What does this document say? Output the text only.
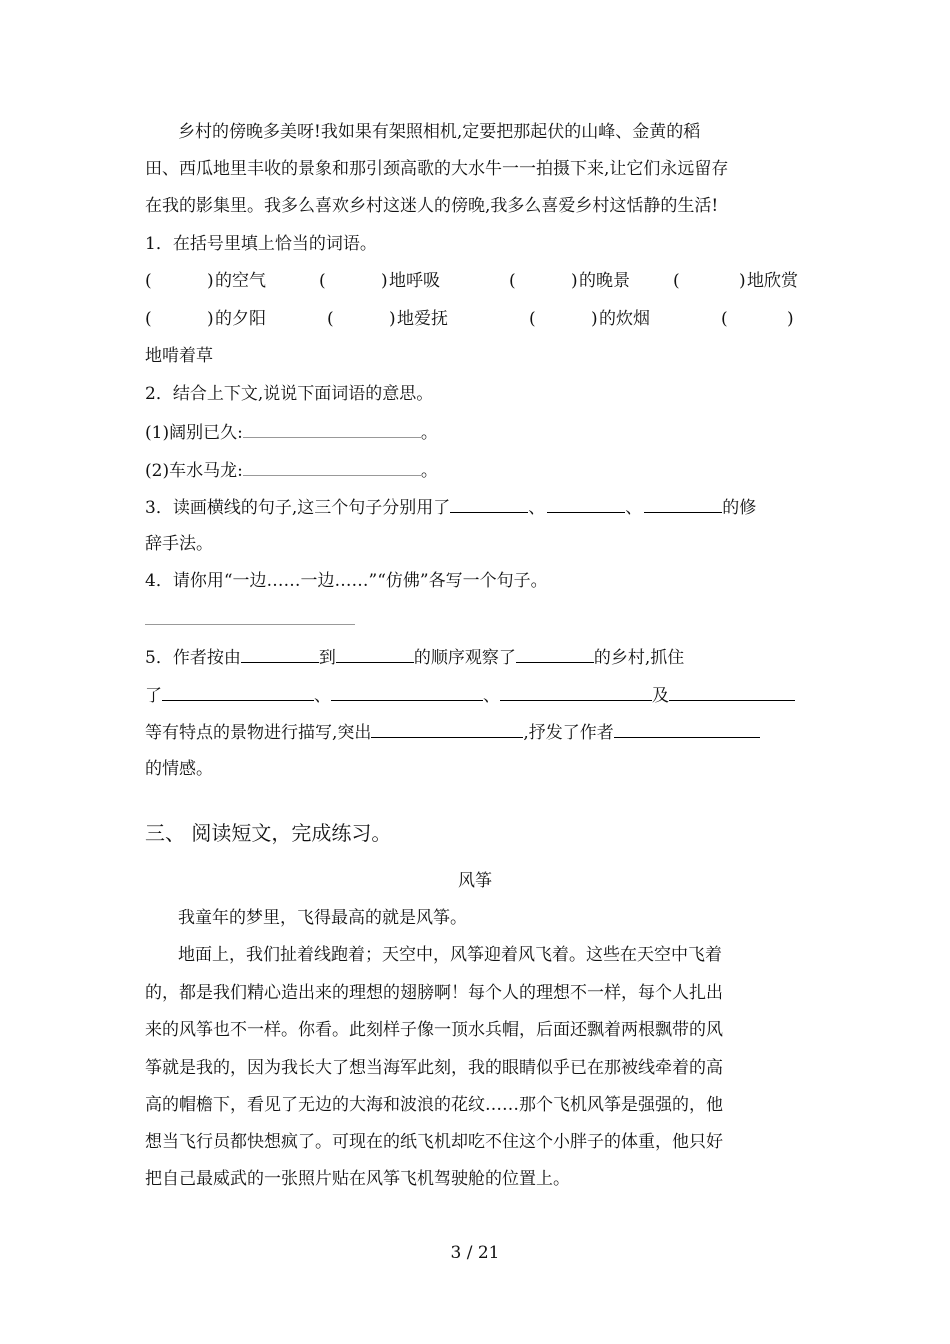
乡村的傍晚多美呀!我如果有架照相机,定要把那起伏的山峰、金黄的稻
田、西瓜地里丰收的景象和那引颈高歌的大水牛一一拍摄下来,让它们永远留存
在我的影集里。我多么喜欢乡村这迷人的傍晚,我多么喜爱乡村这恬静的生活!
1．在括号里填上恰当的词语。
(	) 的空气	(	) 地呼吸	(	) 的晚景	(	) 地欣赏
(	) 的夕阳	(	) 地爱抚	(	) 的炊烟	(	)
地啃着草
2．结合上下文,说说下面词语的意思。
(1)阔别已久:	。
(2)车水马龙:	。
3．读画横线的句子,这三个句子分别用了	、	、	的修
辞手法。
4．请你用“一边……一边……”“仿佛”各写一个句子。
5．作者按由	到	的顺序观察了	的乡村,抓住
了	、	、	及
等有特点的景物进行描写,突出	,抒发了作者
的情感。
三、 阅读短文，完成练习。
风筝
我童年的梦里，飞得最高的就是风筝。
地面上，我们扯着线跑着；天空中，风筝迎着风飞着。这些在天空中飞着
的，都是我们精心造出来的理想的翅膀啊！每个人的理想不一样，每个人扎出
来的风筝也不一样。你看。此刻样子像一顶水兵帽，后面还飘着两根飘带的风
筝就是我的，因为我长大了想当海军此刻，我的眼睛似乎已在那被线牵着的高
高的帽檐下，看见了无边的大海和波浪的花纹……那个飞机风筝是强强的，他
想当飞行员都快想疯了。可现在的纸飞机却吃不住这个小胖子的体重，他只好
把自己最威武的一张照片贴在风筝飞机驾驶舱的位置上。
3 / 21
